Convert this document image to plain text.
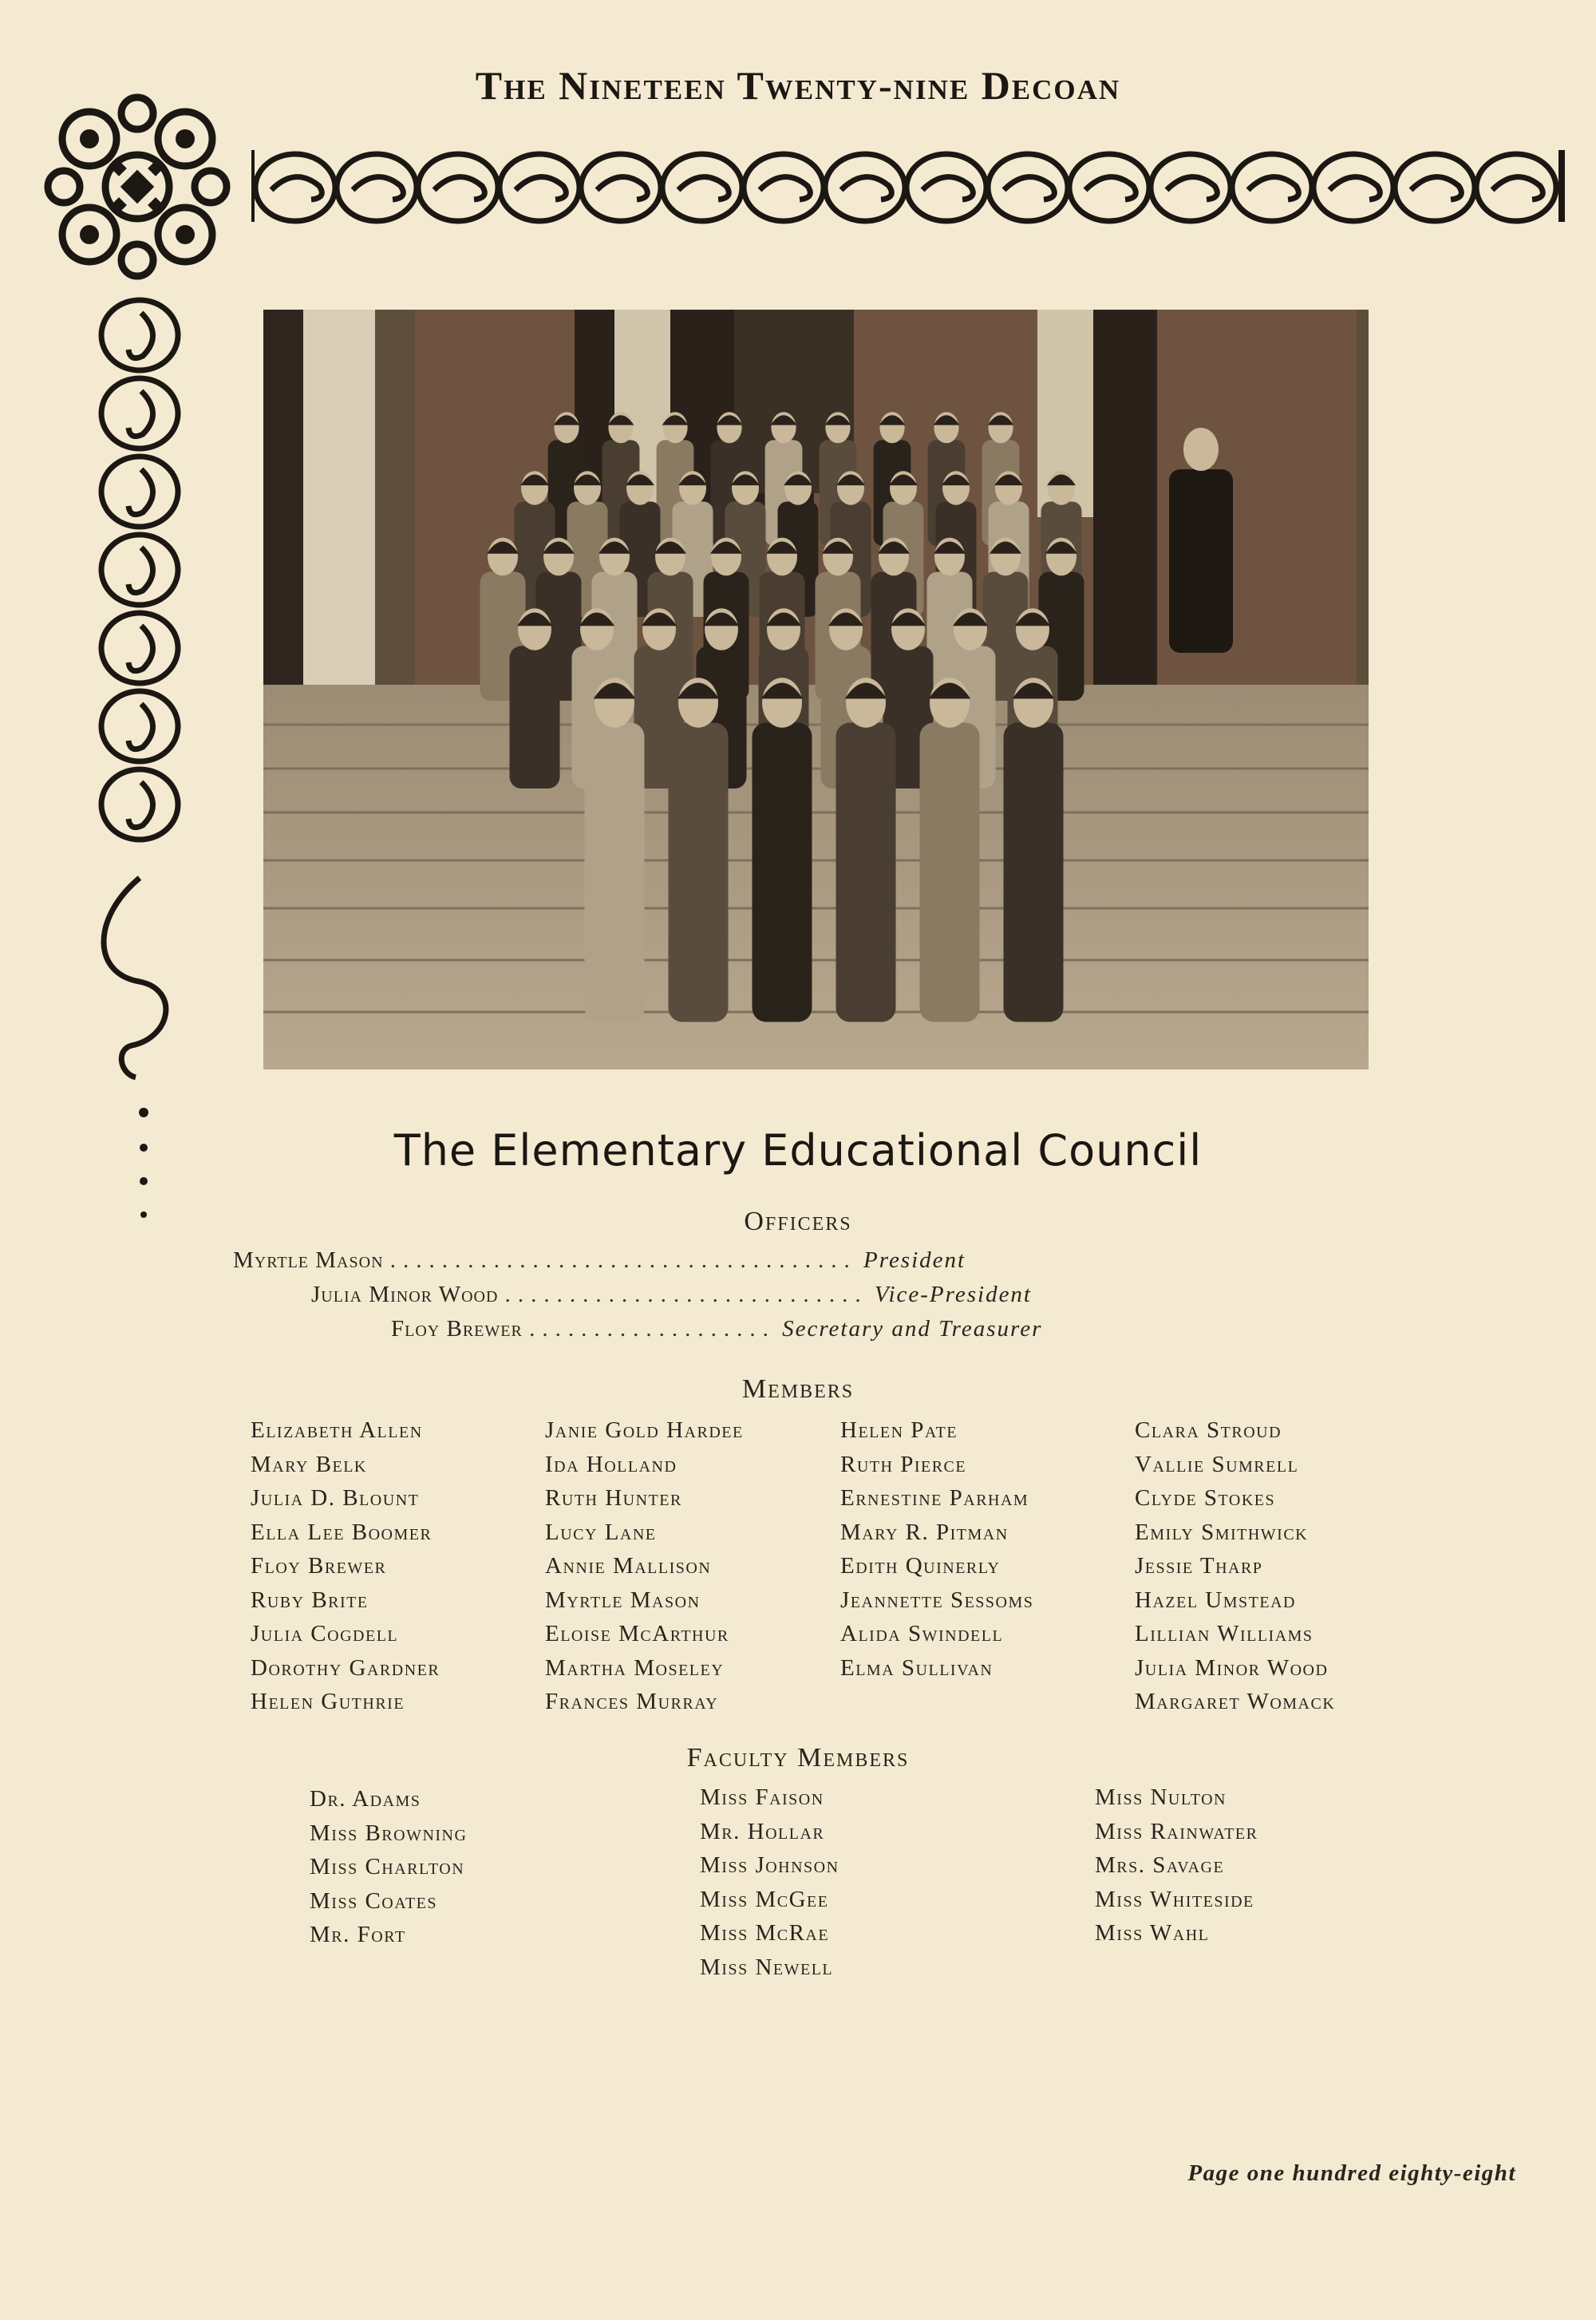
The Nineteen Twenty-nine Decoan
The Elementary Educational Council
Officers
Myrtle Mason .................................... President
Julia Minor Wood ............................ Vice-President
Floy Brewer ................... Secretary and Treasurer
Members
Elizabeth Allen
Mary Belk
Julia D. Blount
Ella Lee Boomer
Floy Brewer
Ruby Brite
Julia Cogdell
Dorothy Gardner
Helen Guthrie
Janie Gold Hardee
Ida Holland
Ruth Hunter
Lucy Lane
Annie Mallison
Myrtle Mason
Eloise McArthur
Martha Moseley
Frances Murray
Helen Pate
Ruth Pierce
Ernestine Parham
Mary R. Pitman
Edith Quinerly
Jeannette Sessoms
Alida Swindell
Elma Sullivan
Clara Stroud
Vallie Sumrell
Clyde Stokes
Emily Smithwick
Jessie Tharp
Hazel Umstead
Lillian Williams
Julia Minor Wood
Margaret Womack
Faculty Members
Dr. Adams
Miss Browning
Miss Charlton
Miss Coates
Mr. Fort
Miss Faison
Mr. Hollar
Miss Johnson
Miss McGee
Miss McRae
Miss Newell
Miss Nulton
Miss Rainwater
Mrs. Savage
Miss Whiteside
Miss Wahl
Page one hundred eighty-eight
